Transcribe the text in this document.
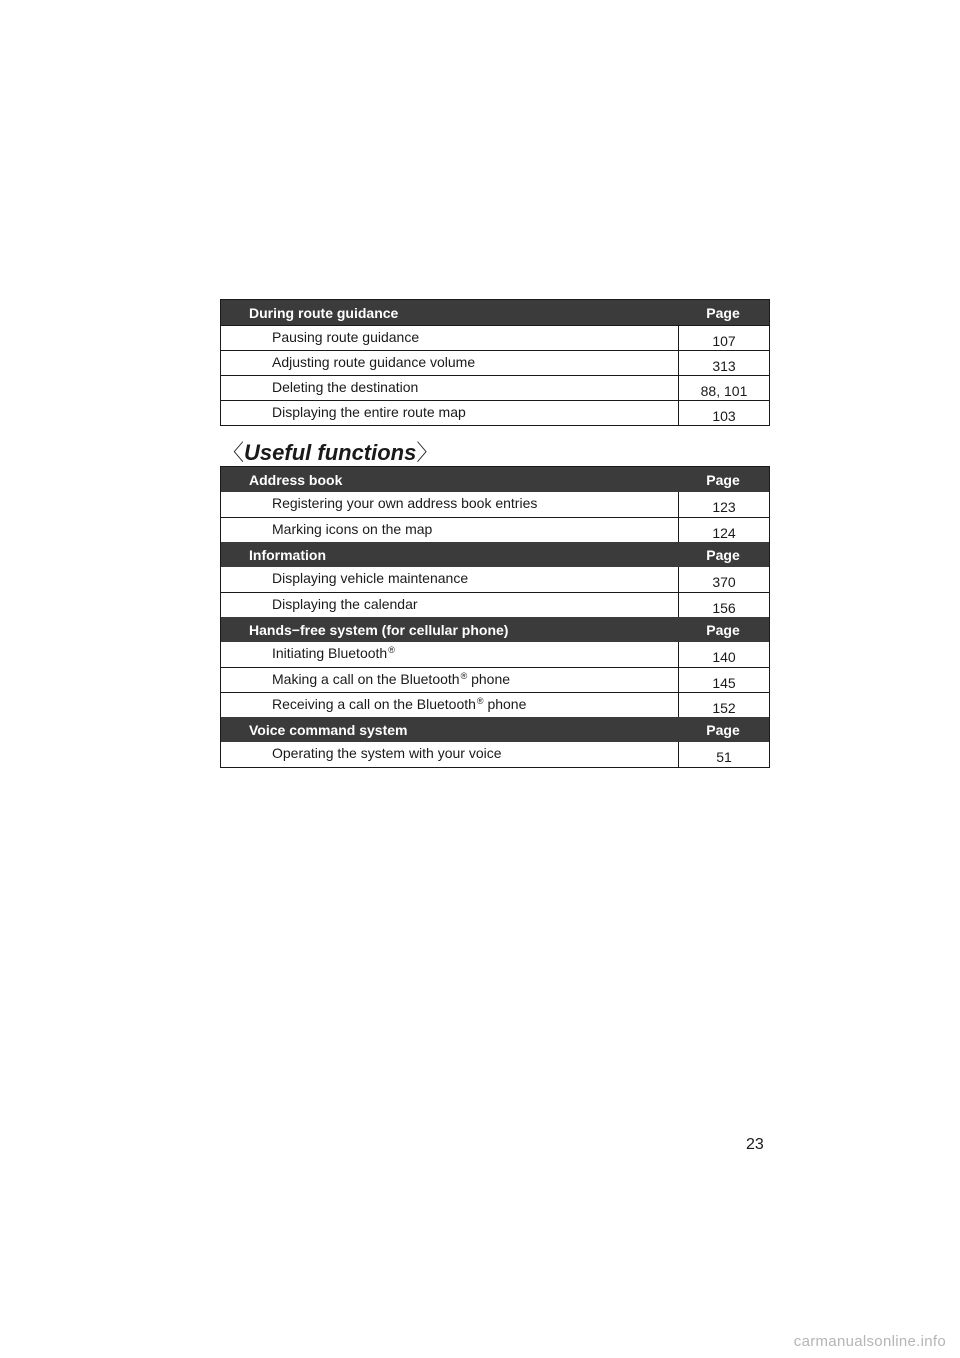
During route guidance	Page
Pausing route guidance	107
Adjusting route guidance volume	313
Deleting the destination	88, 101
Displaying the entire route map	103
〈Useful functions〉
Address book	Page
Registering your own address book entries	123
Marking icons on the map	124
Information	Page
Displaying vehicle maintenance	370
Displaying the calendar	156
Hands−free system (for cellular phone)	Page
Initiating Bluetooth®	140
Making a call on the Bluetooth® phone	145
Receiving a call on the Bluetooth® phone	152
Voice command system	Page
Operating the system with your voice	51
23
carmanualsonline.info
